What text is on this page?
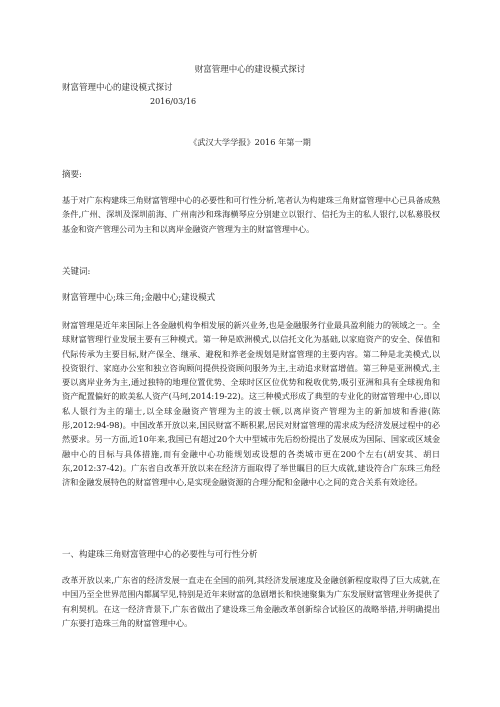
财富管理中心的建设模式探讨
财富管理中心的建设模式探讨
2016/03/16
《武汉大学学报》2016 年第一期
摘要:

基于对广东构建珠三角财富管理中心的必要性和可行性分析,笔者认为构建珠三角财富管理中心已具备成熟条件,广州、深圳及深圳前海、广州南沙和珠海横琴应分别建立以银行、信托为主的私人银行,以私募股权基金和资产管理公司为主和以离岸金融资产管理为主的财富管理中心。

关键词:
财富管理中心;珠三角;金融中心;建设模式

财富管理是近年来国际上各金融机构争相发展的新兴业务,也是金融服务行业最具盈利能力的领域之一。全球财富管理行业发展主要有三种模式。第一种是欧洲模式,以信托文化为基础,以家庭资产的安全、保值和代际传承为主要目标,财产保全、继承、避税和养老金规划是财富管理的主要内容。第二种是北美模式,以投资银行、家庭办公室和独立咨询顾问提供投资顾问服务为主,主动追求财富增值。第三种是亚洲模式,主要以离岸业务为主,通过独特的地理位置优势、全球时区区位优势和税收优势,吸引亚洲和具有全球视角和资产配置偏好的欧美私人资产(马珂,2014:19-22)。这三种模式形成了典型的专业化的财富管理中心,即以私人银行为主的瑞士,以全球金融资产管理为主的波士顿,以离岸资产管理为主的新加坡和香港(陈彤,2012:94-98)。中国改革开放以来,国民财富不断积累,居民对财富管理的需求成为经济发展过程中的必然要求。另一方面,近10年来,我国已有超过20个大中型城市先后纷纷提出了发展成为国际、国家或区域金融中心的目标与具体措施,而有金融中心功能规划或设想的各类城市更在200个左右(胡安其、胡日东,2012:37-42)。广东省自改革开放以来在经济方面取得了举世瞩目的巨大成就,建设符合广东珠三角经济和金融发展特色的财富管理中心,是实现金融资源的合理分配和金融中心之间的竞合关系有效途径。

一、构建珠三角财富管理中心的必要性与可行性分析

改革开放以来,广东省的经济发展一直走在全国的前列,其经济发展速度及金融创新程度取得了巨大成就,在中国乃至全世界范围内都属罕见,特别是近年来财富的急剧增长和快速聚集为广东发展财富管理业务提供了有利契机。在这一经济背景下,广东省做出了建设珠三角金融改革创新综合试验区的战略举措,并明确提出广东要打造珠三角的财富管理中心。
